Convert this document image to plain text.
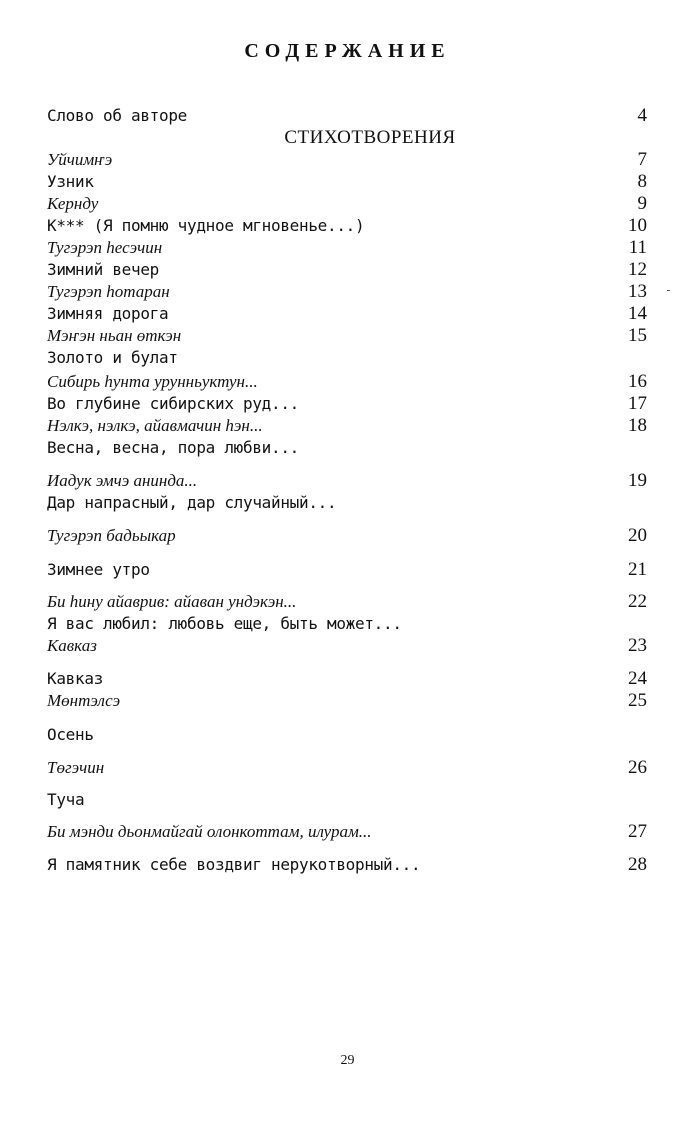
СОДЕРЖАНИЕ
Слово об авторе	4
СТИХОТВОРЕНИЯ
Уйчимҥэ	7
Узник	8
Кернду	9
К*** (Я помню чудное мгновенье...)	10
Тугэрэп һесэчин	11
Зимний вечер	12
Тугэрэп һотаран	13
Зимняя дорога	14
Мэҥэн ньан өткэн	15
Золото и булат
Сибирь һунта урунньуктун...	16
Во глубине сибирских руд...	17
Нэлкэ, нэлкэ, айавмачин һэн...	18
Весна, весна, пора любви...
Иадук эмчэ анинда...	19
Дар напрасный, дар случайный...
Тугэрэп бадьыкар	20
Зимнее утро	21
Би һину айаврив: айаван ундэкэн...	22
Я вас любил: любовь еще, быть может...
Кавказ	23
Кавказ	24
Мөнтэлсэ	25
Осень
Төгэчин	26
Туча
Би мэнди дьонмайгай олонкоттам, илурам...	27
Я памятник себе воздвиг нерукотворный...	28
29
